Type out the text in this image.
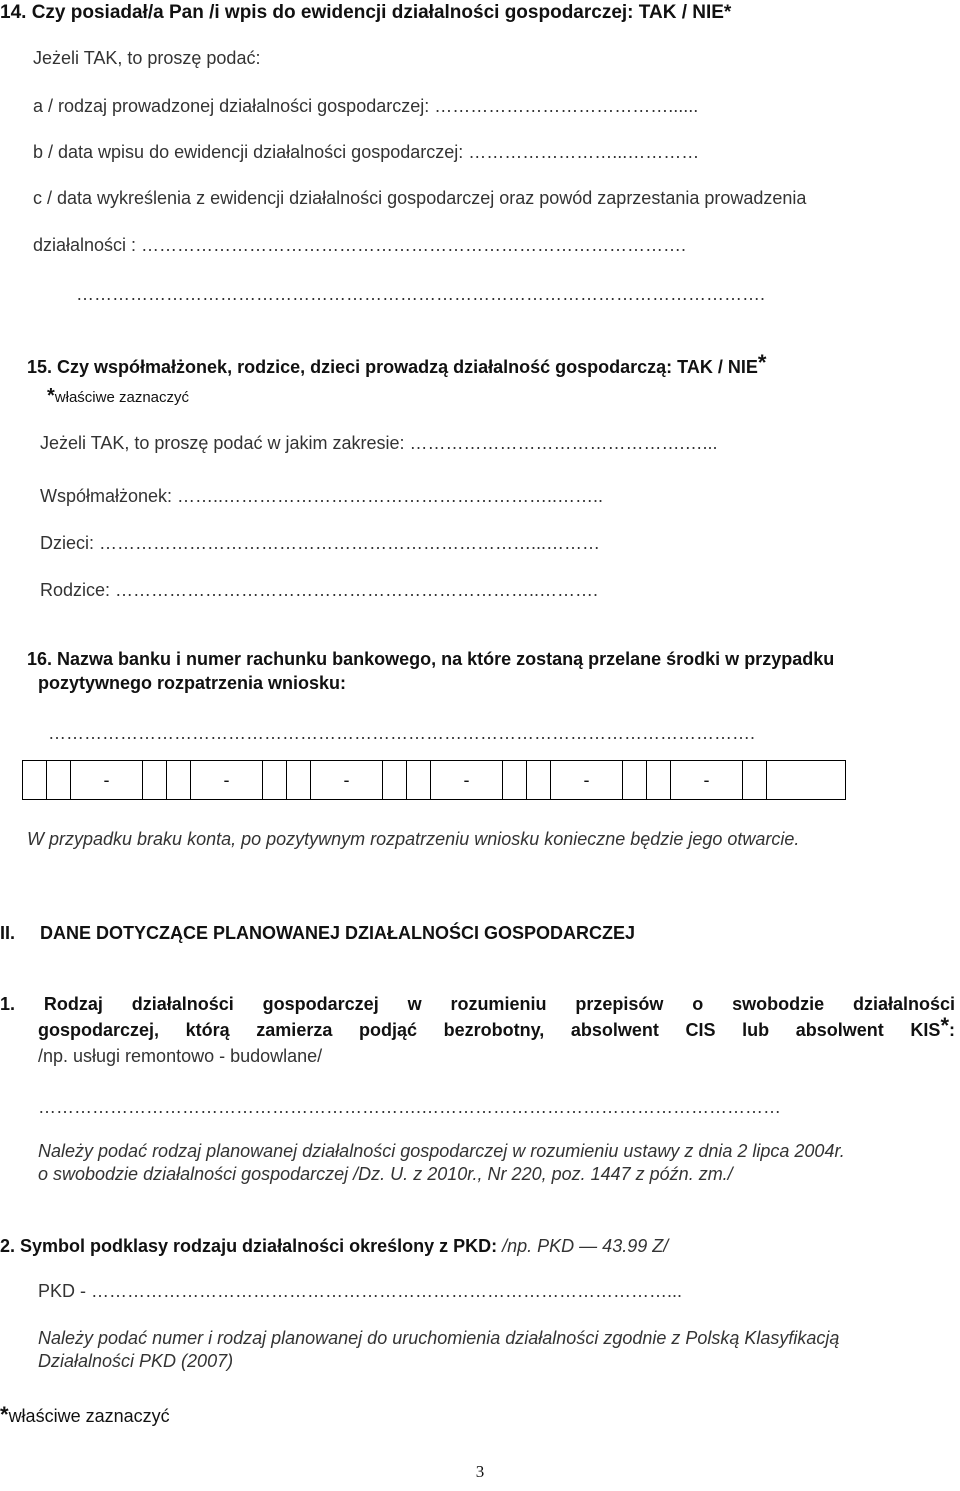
14. Czy posiadał/a Pan /i wpis do ewidencji działalności gospodarczej: TAK / NIE*
Jeżeli TAK, to proszę podać:
a / rodzaj prowadzonej działalności gospodarczej: …………………………………......
b / data wpisu do ewidencji działalności gospodarczej: ……………………...…………
c / data wykreślenia z ewidencji działalności gospodarczej oraz powód zaprzestania prowadzenia
działalności : ……………………………………………………………………………….
…………………………………………………………………………………………………….
15. Czy współmałżonek, rodzice, dzieci prowadzą działalność gospodarczą: TAK / NIE*
*właściwe zaznaczyć
Jeżeli TAK, to proszę podać w jakim zakresie: ……………………………………….…...
Współmałżonek: ……..………………………………………………..……..
Dzieci: ………………………………………………………………...………
Rodzice: ……………………………………………………………..……….
16. Nazwa banku i numer rachunku bankowego, na które zostaną przelane środki w przypadku
pozytywnego rozpatrzenia wniosku:
……………………………………………………………………………………………………….
-	-	-	-	-	-
W przypadku braku konta, po pozytywnym rozpatrzeniu wniosku konieczne będzie jego otwarcie.
II. DANE DOTYCZĄCE PLANOWANEJ DZIAŁALNOŚCI GOSPODARCZEJ
1. Rodzaj działalności gospodarczej w rozumieniu przepisów o swobodzie działalności
gospodarczej, którą zamierza podjąć bezrobotny, absolwent CIS lub absolwent KIS* :
/np. usługi remontowo - budowlane/
……………………………………………………….……………………………………………………
Należy podać rodzaj planowanej działalności gospodarczej w rozumieniu ustawy z dnia 2 lipca 2004r.
o swobodzie działalności gospodarczej /Dz. U. z 2010r., Nr 220, poz. 1447 z późn. zm./
2. Symbol podklasy rodzaju działalności określony z PKD: /np. PKD — 43.99 Z/
PKD - ……………………………………………………………………………………...
Należy podać numer i rodzaj planowanej do uruchomienia działalności zgodnie z Polską Klasyfikacją
Działalności PKD (2007)
*właściwe zaznaczyć
3
